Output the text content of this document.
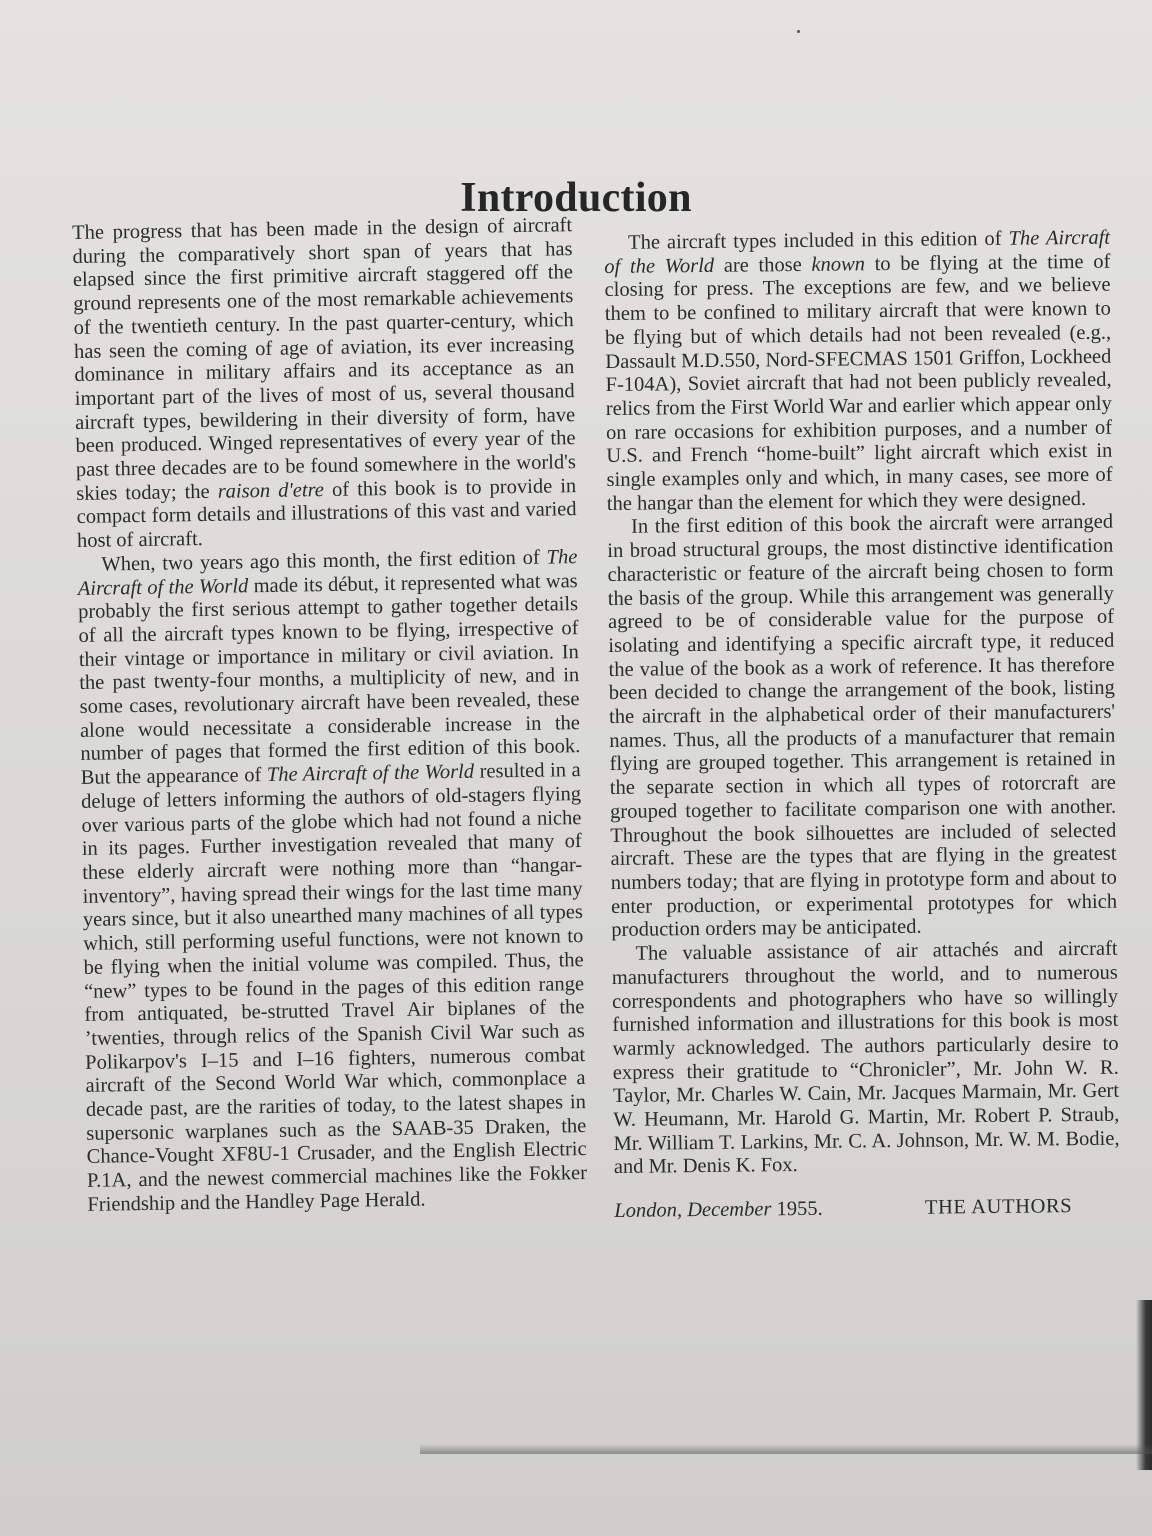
Introduction

The progress that has been made in the design of aircraft during the comparatively short span of years that has elapsed since the first primitive aircraft staggered off the ground represents one of the most remarkable achievements of the twentieth century. In the past quarter-century, which has seen the coming of age of aviation, its ever increasing dominance in military affairs and its acceptance as an important part of the lives of most of us, several thousand aircraft types, bewildering in their diversity of form, have been produced. Winged representatives of every year of the past three decades are to be found somewhere in the world's skies today; the raison d'etre of this book is to provide in compact form details and illustrations of this vast and varied host of aircraft.

When, two years ago this month, the first edition of The Aircraft of the World made its début, it represented what was probably the first serious attempt to gather together details of all the aircraft types known to be flying, irrespective of their vintage or importance in military or civil aviation. In the past twenty-four months, a multiplicity of new, and in some cases, revolutionary aircraft have been revealed, these alone would necessitate a considerable increase in the number of pages that formed the first edition of this book. But the appearance of The Aircraft of the World resulted in a deluge of letters informing the authors of old-stagers flying over various parts of the globe which had not found a niche in its pages. Further investigation revealed that many of these elderly aircraft were nothing more than “hangar-inventory”, having spread their wings for the last time many years since, but it also unearthed many machines of all types which, still performing useful functions, were not known to be flying when the initial volume was compiled. Thus, the “new” types to be found in the pages of this edition range from antiquated, be-strutted Travel Air biplanes of the ’twenties, through relics of the Spanish Civil War such as Polikarpov's I–15 and I–16 fighters, numerous combat aircraft of the Second World War which, commonplace a decade past, are the rarities of today, to the latest shapes in supersonic warplanes such as the SAAB-35 Draken, the Chance-Vought XF8U-1 Crusader, and the English Electric P.1A, and the newest commercial machines like the Fokker Friendship and the Handley Page Herald.

The aircraft types included in this edition of The Aircraft of the World are those known to be flying at the time of closing for press. The exceptions are few, and we believe them to be confined to military aircraft that were known to be flying but of which details had not been revealed (e.g., Dassault M.D.550, Nord-SFECMAS 1501 Griffon, Lockheed F-104A), Soviet aircraft that had not been publicly revealed, relics from the First World War and earlier which appear only on rare occasions for exhibition purposes, and a number of U.S. and French “home-built” light aircraft which exist in single examples only and which, in many cases, see more of the hangar than the element for which they were designed.

In the first edition of this book the aircraft were arranged in broad structural groups, the most distinctive identification characteristic or feature of the aircraft being chosen to form the basis of the group. While this arrangement was generally agreed to be of considerable value for the purpose of isolating and identifying a specific aircraft type, it reduced the value of the book as a work of reference. It has therefore been decided to change the arrangement of the book, listing the aircraft in the alphabetical order of their manufacturers' names. Thus, all the products of a manufacturer that remain flying are grouped together. This arrangement is retained in the separate section in which all types of rotorcraft are grouped together to facilitate comparison one with another. Throughout the book silhouettes are included of selected aircraft. These are the types that are flying in the greatest numbers today; that are flying in prototype form and about to enter production, or experimental prototypes for which production orders may be anticipated.

The valuable assistance of air attachés and aircraft manufacturers throughout the world, and to numerous correspondents and photographers who have so willingly furnished information and illustrations for this book is most warmly acknowledged. The authors particularly desire to express their gratitude to “Chronicler”, Mr. John W. R. Taylor, Mr. Charles W. Cain, Mr. Jacques Marmain, Mr. Gert W. Heumann, Mr. Harold G. Martin, Mr. Robert P. Straub, Mr. William T. Larkins, Mr. C. A. Johnson, Mr. W. M. Bodie, and Mr. Denis K. Fox.

London, December 1955.	THE AUTHORS
